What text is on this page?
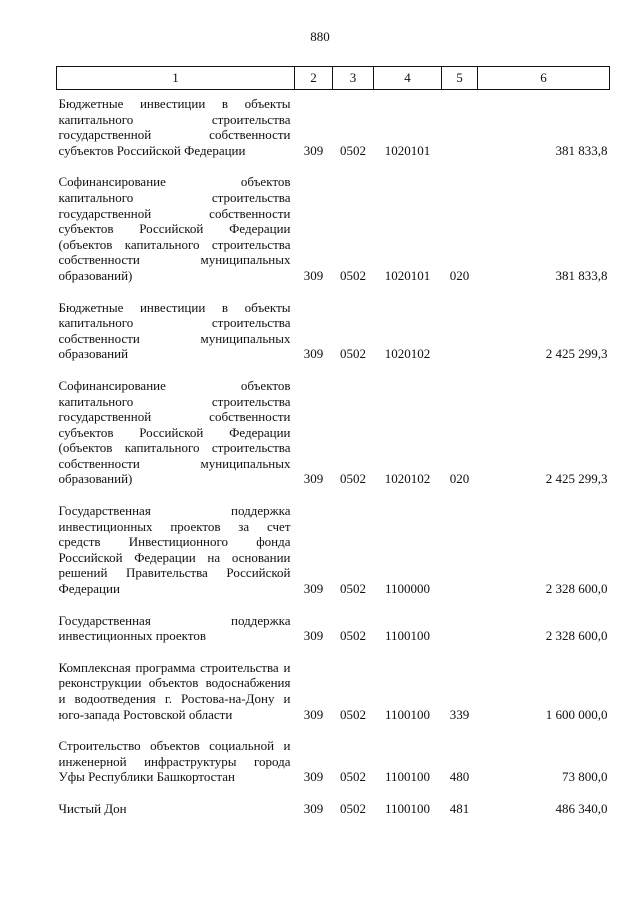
880
1	2	3	4	5	6
Бюджетные инвестиции в объекты капитального строительства государственной собственности субъектов Российской Федерации	309	0502	1020101		381 833,8
Софинансирование объектов капитального строительства государственной собственности субъектов Российской Федерации (объектов капитального строительства собственности муниципальных образований)	309	0502	1020101	020	381 833,8
Бюджетные инвестиции в объекты капитального строительства собственности муниципальных образований	309	0502	1020102		2 425 299,3
Софинансирование объектов капитального строительства государственной собственности субъектов Российской Федерации (объектов капитального строительства собственности муниципальных образований)	309	0502	1020102	020	2 425 299,3
Государственная поддержка инвестиционных проектов за счет средств Инвестиционного фонда Российской Федерации на основании решений Правительства Российской Федерации	309	0502	1100000		2 328 600,0
Государственная поддержка инвестиционных проектов	309	0502	1100100		2 328 600,0
Комплексная программа строительства и реконструкции объектов водоснабжения и водоотведения г. Ростова-на-Дону и юго-запада Ростовской области	309	0502	1100100	339	1 600 000,0
Строительство объектов социальной и инженерной инфраструктуры города Уфы Республики Башкортостан	309	0502	1100100	480	73 800,0
Чистый Дон	309	0502	1100100	481	486 340,0
